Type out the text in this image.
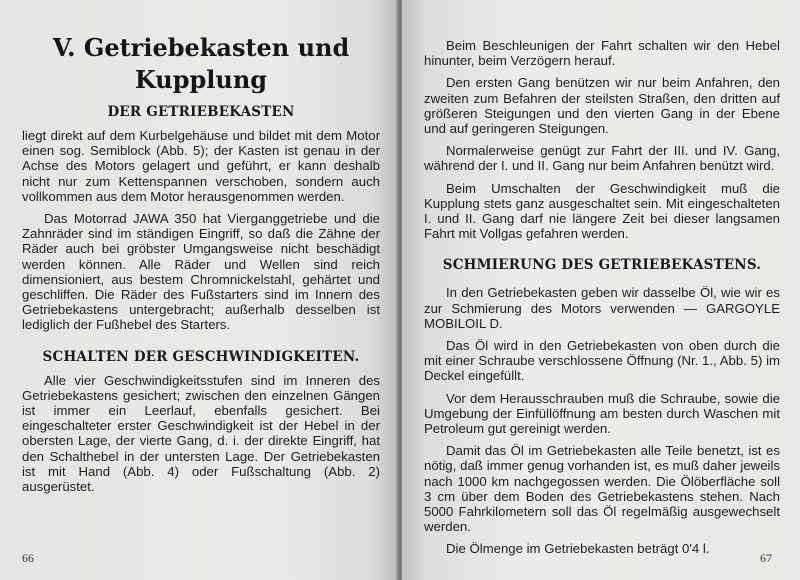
V. Getriebekasten und
Kupplung
DER GETRIEBEKASTEN

liegt direkt auf dem Kurbelgehäuse und bildet mit dem Motor einen sog. Semiblock (Abb. 5); der Kasten ist genau in der Achse des Motors gelagert und geführt, er kann deshalb nicht nur zum Kettenspannen verschoben, sondern auch vollkommen aus dem Motor herausgenommen werden.

Das Motorrad JAWA 350 hat Vierganggetriebe und die Zahnräder sind im ständigen Eingriff, so daß die Zähne der Räder auch bei gröbster Umgangsweise nicht beschädigt werden können. Alle Räder und Wellen sind reich dimensioniert, aus bestem Chromnickelstahl, gehärtet und geschliffen. Die Räder des Fußstarters sind im Innern des Getriebekastens untergebracht; außerhalb desselben ist lediglich der Fußhebel des Starters.

SCHALTEN DER GESCHWINDIGKEITEN.

Alle vier Geschwindigkeitsstufen sind im Inneren des Getriebekastens gesichert; zwischen den einzelnen Gängen ist immer ein Leerlauf, ebenfalls gesichert. Bei eingeschalteter erster Geschwindigkeit ist der Hebel in der obersten Lage, der vierte Gang, d. i. der direkte Eingriff, hat den Schalthebel in der untersten Lage. Der Getriebekasten ist mit Hand (Abb. 4) oder Fußschaltung (Abb. 2) ausgerüstet.

66

Beim Beschleunigen der Fahrt schalten wir den Hebel hinunter, beim Verzögern herauf.

Den ersten Gang benützen wir nur beim Anfahren, den zweiten zum Befahren der steilsten Straßen, den dritten auf größeren Steigungen und den vierten Gang in der Ebene und auf geringeren Steigungen.

Normalerweise genügt zur Fahrt der III. und IV. Gang, während der I. und II. Gang nur beim Anfahren benützt wird.

Beim Umschalten der Geschwindigkeit muß die Kupplung stets ganz ausgeschaltet sein. Mit eingeschalteten I. und II. Gang darf nie längere Zeit bei dieser langsamen Fahrt mit Vollgas gefahren werden.

SCHMIERUNG DES GETRIEBEKASTENS.

In den Getriebekasten geben wir dasselbe Öl, wie wir es zur Schmierung des Motors verwenden — GARGOYLE MOBILOIL D.

Das Öl wird in den Getriebekasten von oben durch die mit einer Schraube verschlossene Öffnung (Nr. 1., Abb. 5) im Deckel eingefüllt.

Vor dem Herausschrauben muß die Schraube, sowie die Umgebung der Einfüllöffnung am besten durch Waschen mit Petroleum gut gereinigt werden.

Damit das Öl im Getriebekasten alle Teile benetzt, ist es nötig, daß immer genug vorhanden ist, es muß daher jeweils nach 1000 km nachgegossen werden. Die Ölöberfläche soll 3 cm über dem Boden des Getriebekastens stehen. Nach 5000 Fahrkilometern soll das Öl regelmäßig ausgewechselt werden.

Die Ölmenge im Getriebekasten beträgt 0'4 l.

67
